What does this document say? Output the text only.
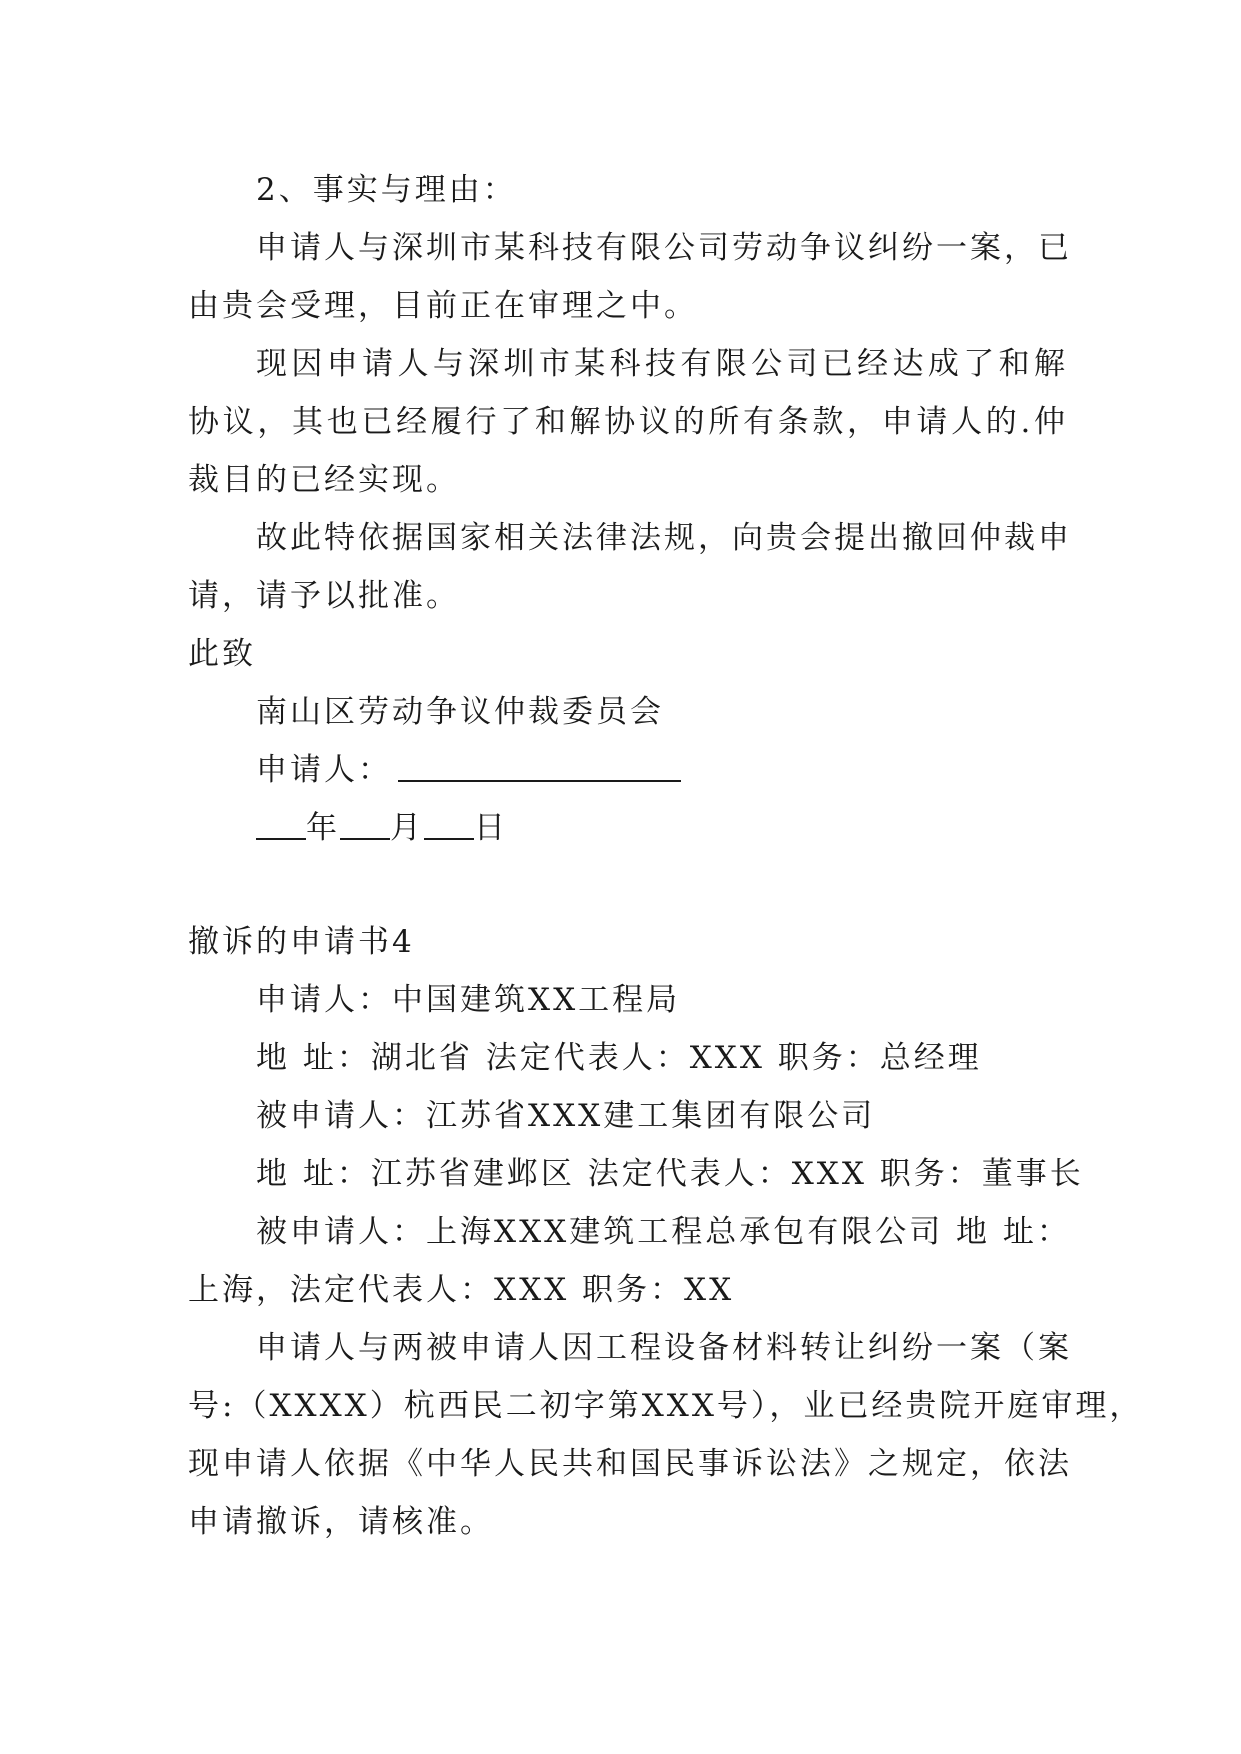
2、事实与理由：
申请人与深圳市某科技有限公司劳动争议纠纷一案，已
由贵会受理，目前正在审理之中。
现因申请人与深圳市某科技有限公司已经达成了和解
协议，其也已经履行了和解协议的所有条款，申请人的.仲
裁目的已经实现。
故此特依据国家相关法律法规，向贵会提出撤回仲裁申
请，请予以批准。
此致
南山区劳动争议仲裁委员会
申请人：
年 月 日
撤诉的申请书4
申请人：中国建筑XX工程局
地 址：湖北省 法定代表人：XXX 职务：总经理
被申请人：江苏省XXX建工集团有限公司
地 址：江苏省建邺区 法定代表人：XXX 职务：董事长
被申请人：上海XXX建筑工程总承包有限公司 地 址：
上海，法定代表人：XXX 职务：XX
申请人与两被申请人因工程设备材料转让纠纷一案（案
号:（XXXX）杭西民二初字第XXX号），业已经贵院开庭审理，
现申请人依据《中华人民共和国民事诉讼法》之规定，依法
申请撤诉，请核准。
